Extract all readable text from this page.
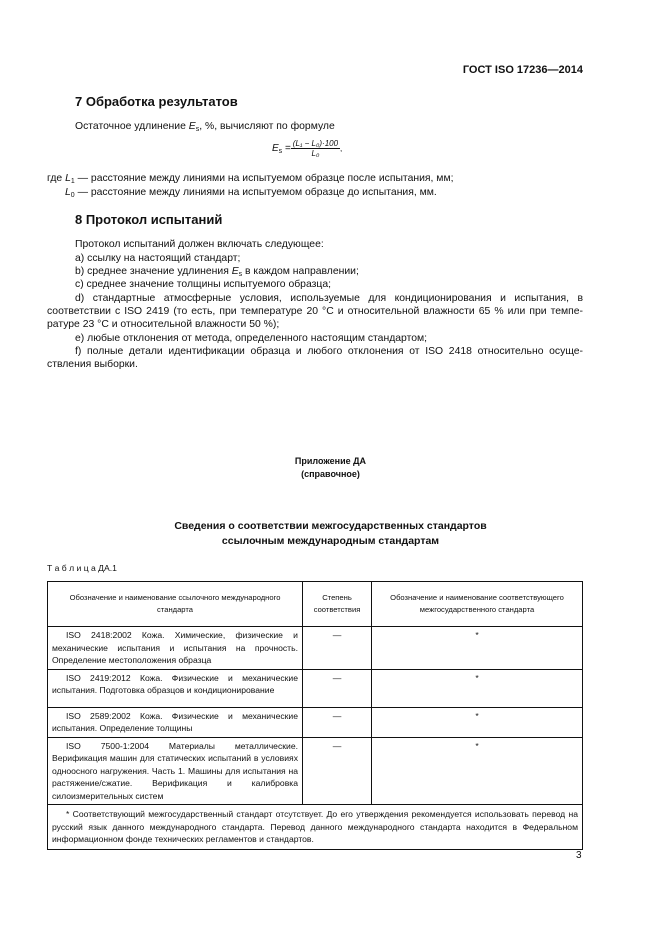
ГОСТ ISO 17236—2014
7 Обработка результатов
Остаточное удлинение $E_s$, %, вычисляют по формуле
$E_s = \frac{\text{(L₁ − L₀)·100}}{\text{L₀}}$ ,
где $L_1$ — расстояние между линиями на испытуемом образце после испытания, мм;
$L_0$ — расстояние между линиями на испытуемом образце до испытания, мм.
8 Протокол испытаний
Протокол испытаний должен включать следующее:
a) ссылку на настоящий стандарт;
b) среднее значение удлинения $E_s$ в каждом направлении;
c) среднее значение толщины испытуемого образца;
d) стандартные атмосферные условия, используемые для кондиционирования и испытания, в
соответствии с ISO 2419 (то есть, при температуре 20 °С и относительной влажности 65 % или при темпе-
ратуре 23 °С и относительной влажности 50 %);
e) любые отклонения от метода, определенного настоящим стандартом;
f) полные детали идентификации образца и любого отклонения от ISO 2418 относительно осуще-
ствления выборки.
Приложение ДА
(справочное)
Сведения о соответствии межгосударственных стандартов
ссылочным международным стандартам
Т а б л и ц а ДА.1
Обозначение и наименование ссылочного международного стандарта	Степень соответствия	Обозначение и наименование соответствующего межгосударственного стандарта
ISO 2418:2002 Кожа. Химические, физические и механические испытания и испытания на прочность. Определение местоположения образца	—	*
ISO 2419:2012 Кожа. Физические и механические испытания. Подготовка образцов и кондиционирование	—	*
ISO 2589:2002 Кожа. Физические и механические испытания. Определение толщины	—	*
ISO 7500-1:2004 Материалы металлические. Верификация машин для статических испытаний в условиях одноосного нагружения. Часть 1. Машины для испытания на растяжение/сжатие. Верификация и калибровка силоизмерительных систем	—	*
* Соответствующий межгосударственный стандарт отсутствует. До его утверждения рекомендуется использовать перевод на русский язык данного международного стандарта. Перевод данного международного стандарта находится в Федеральном информационном фонде технических регламентов и стандартов.		
3
